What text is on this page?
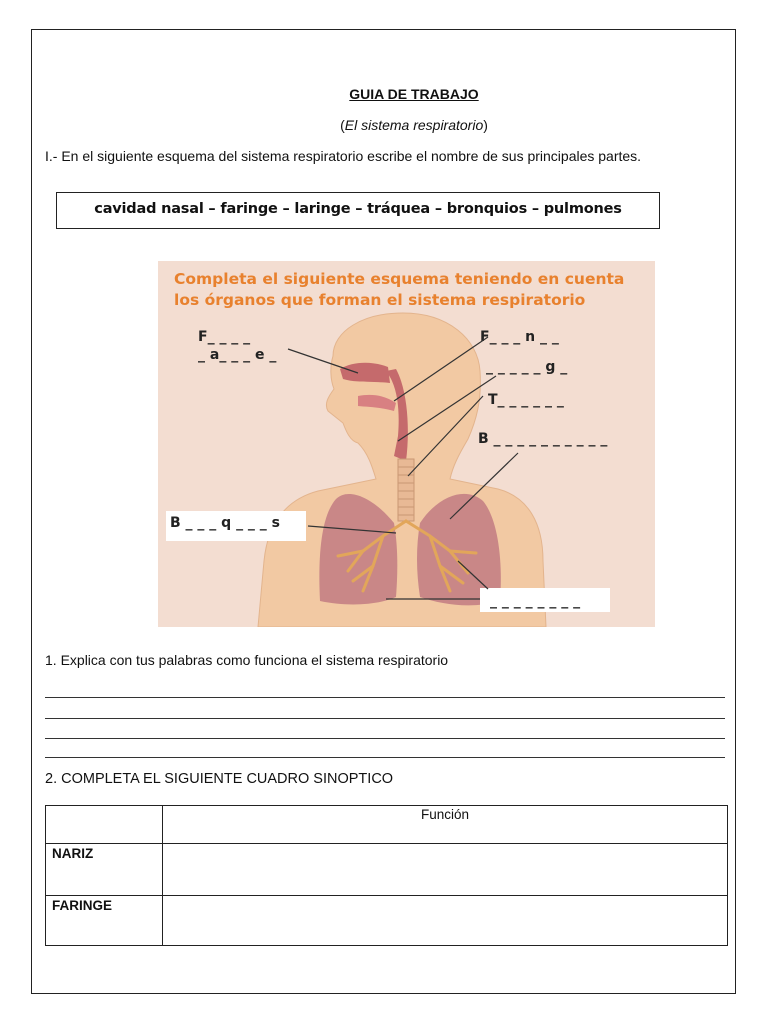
GUIA DE TRABAJO
(El sistema respiratorio)
I.- En el siguiente esquema del sistema respiratorio escribe el nombre de sus principales partes.
cavidad nasal – faringe – laringe – tráquea – bronquios – pulmones
Completa el siguiente esquema teniendo en cuenta
los órganos que forman el sistema respiratorio
F_ _ _ _
_ a_ _ _ e _
F_ _ _ n _ _
_ _ _ _ _ g _
T_ _ _ _ _ _
B _ _ _ _ _ _ _ _ _ _
B _ _ _ q _ _ _ s
_ _ _ _ _ _ _ _
1. Explica con tus palabras como funciona el sistema respiratorio
2. COMPLETA EL SIGUIENTE CUADRO SINOPTICO
	Función
NARIZ	
FARINGE	
